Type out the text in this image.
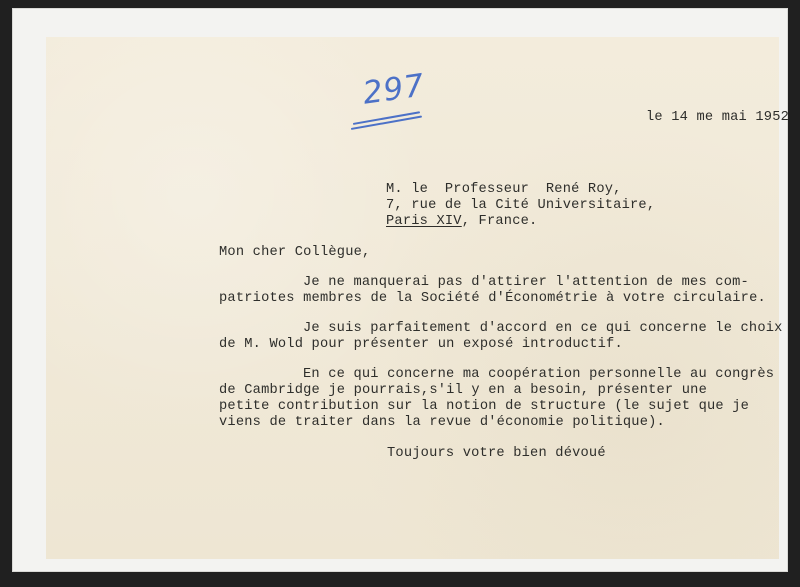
297
le 14 me mai 1952
M. le  Professeur  René Roy,
7, rue de la Cité Universitaire,
Paris XIV, France.
Mon cher Collègue,
Je ne manquerai pas d'attirer l'attention de mes com-
patriotes membres de la Société d'Économétrie à votre circulaire.
Je suis parfaitement d'accord en ce qui concerne le choix
de M. Wold pour présenter un exposé introductif.
En ce qui concerne ma coopération personnelle au congrès
de Cambridge je pourrais,s'il y en a besoin, présenter une
petite contribution sur la notion de structure (le sujet que je
viens de traiter dans la revue d'économie politique).
Toujours votre bien dévoué
